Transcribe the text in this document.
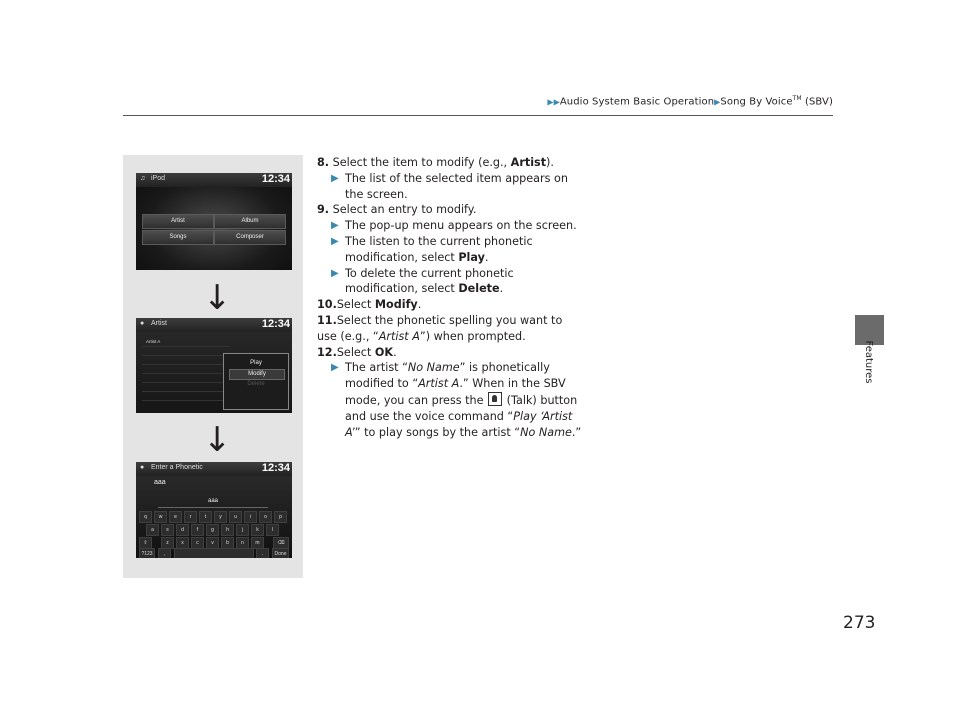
▶▶Audio System Basic Operation▶Song By Voice™ (SBV)
Features
273
♫ iPod	12:34
Artist	Album
Songs	Composer
↓
● Artist	12:34
Artist A
Play
Modify
Delete
↓
● Enter a Phonetic	12:34
aaa
aaa
q	w	e	r	t	y	u	i	o	p
a	s	d	f	g	h	j	k	l
⇧	z	x	c	v	b	n	m	⌫
?123	,	.	Done
8. Select the item to modify (e.g., Artist).
▶ The list of the selected item appears on the screen.
9. Select an entry to modify.
▶ The pop-up menu appears on the screen.
▶ The listen to the current phonetic modification, select Play.
▶ To delete the current phonetic modification, select Delete.
10.Select Modify.
11.Select the phonetic spelling you want to use (e.g., “Artist A”) when prompted.
12.Select OK.
▶ The artist “No Name” is phonetically modified to “Artist A.” When in the SBV mode, you can press the  (Talk) button and use the voice command “Play ‘Artist A’” to play songs by the artist “No Name.”
